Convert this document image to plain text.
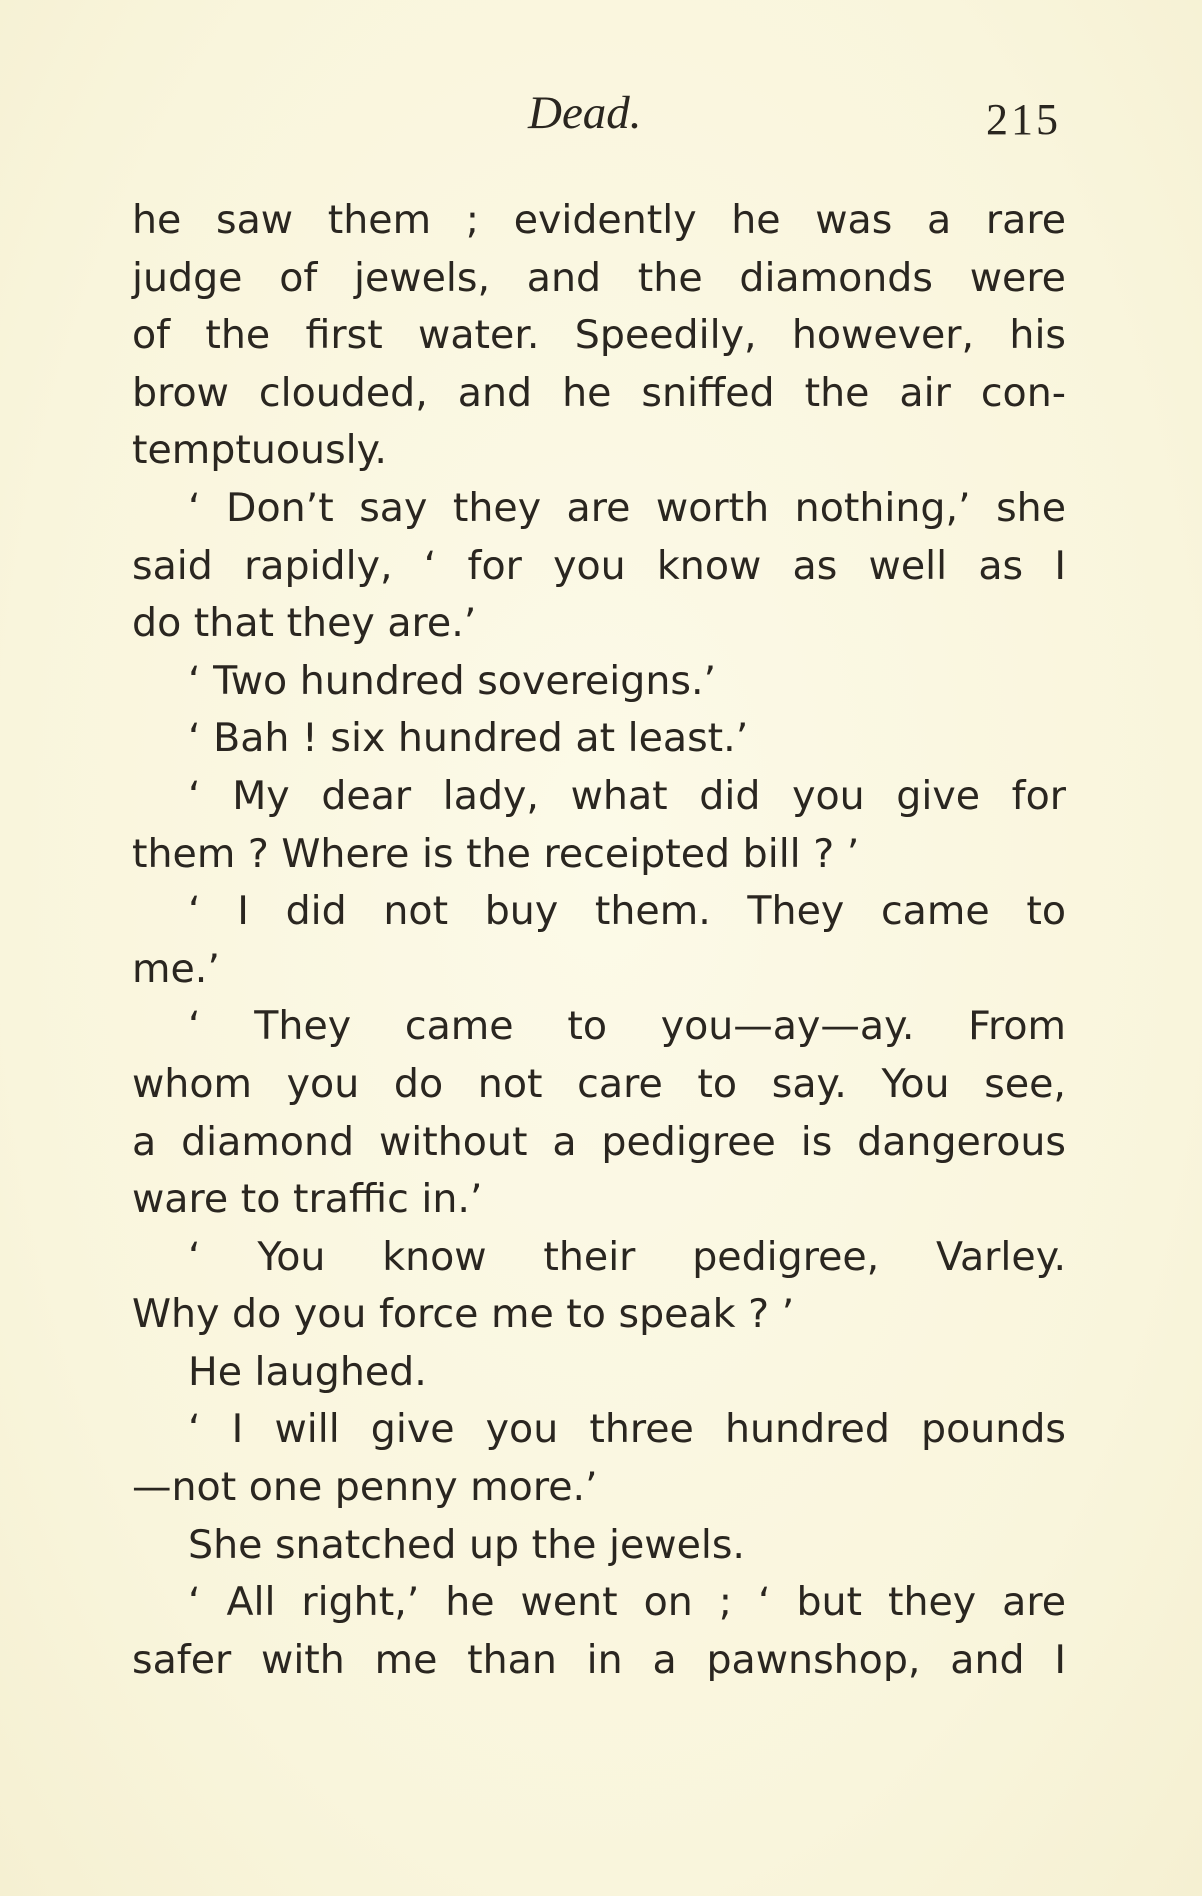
Dead.	215
he saw them ; evidently he was a rare
judge of jewels, and the diamonds were
of the first water. Speedily, however, his
brow clouded, and he sniffed the air con-
temptuously.
‘ Don’t say they are worth nothing,’ she
said rapidly, ‘ for you know as well as I
do that they are.’
‘ Two hundred sovereigns.’
‘ Bah ! six hundred at least.’
‘ My dear lady, what did you give for
them ? Where is the receipted bill ? ’
‘ I did not buy them. They came to
me.’
‘ They came to you—ay—ay. From
whom you do not care to say. You see,
a diamond without a pedigree is dangerous
ware to traffic in.’
‘ You know their pedigree, Varley.
Why do you force me to speak ? ’
He laughed.
‘ I will give you three hundred pounds
—not one penny more.’
She snatched up the jewels.
‘ All right,’ he went on ; ‘ but they are
safer with me than in a pawnshop, and I
